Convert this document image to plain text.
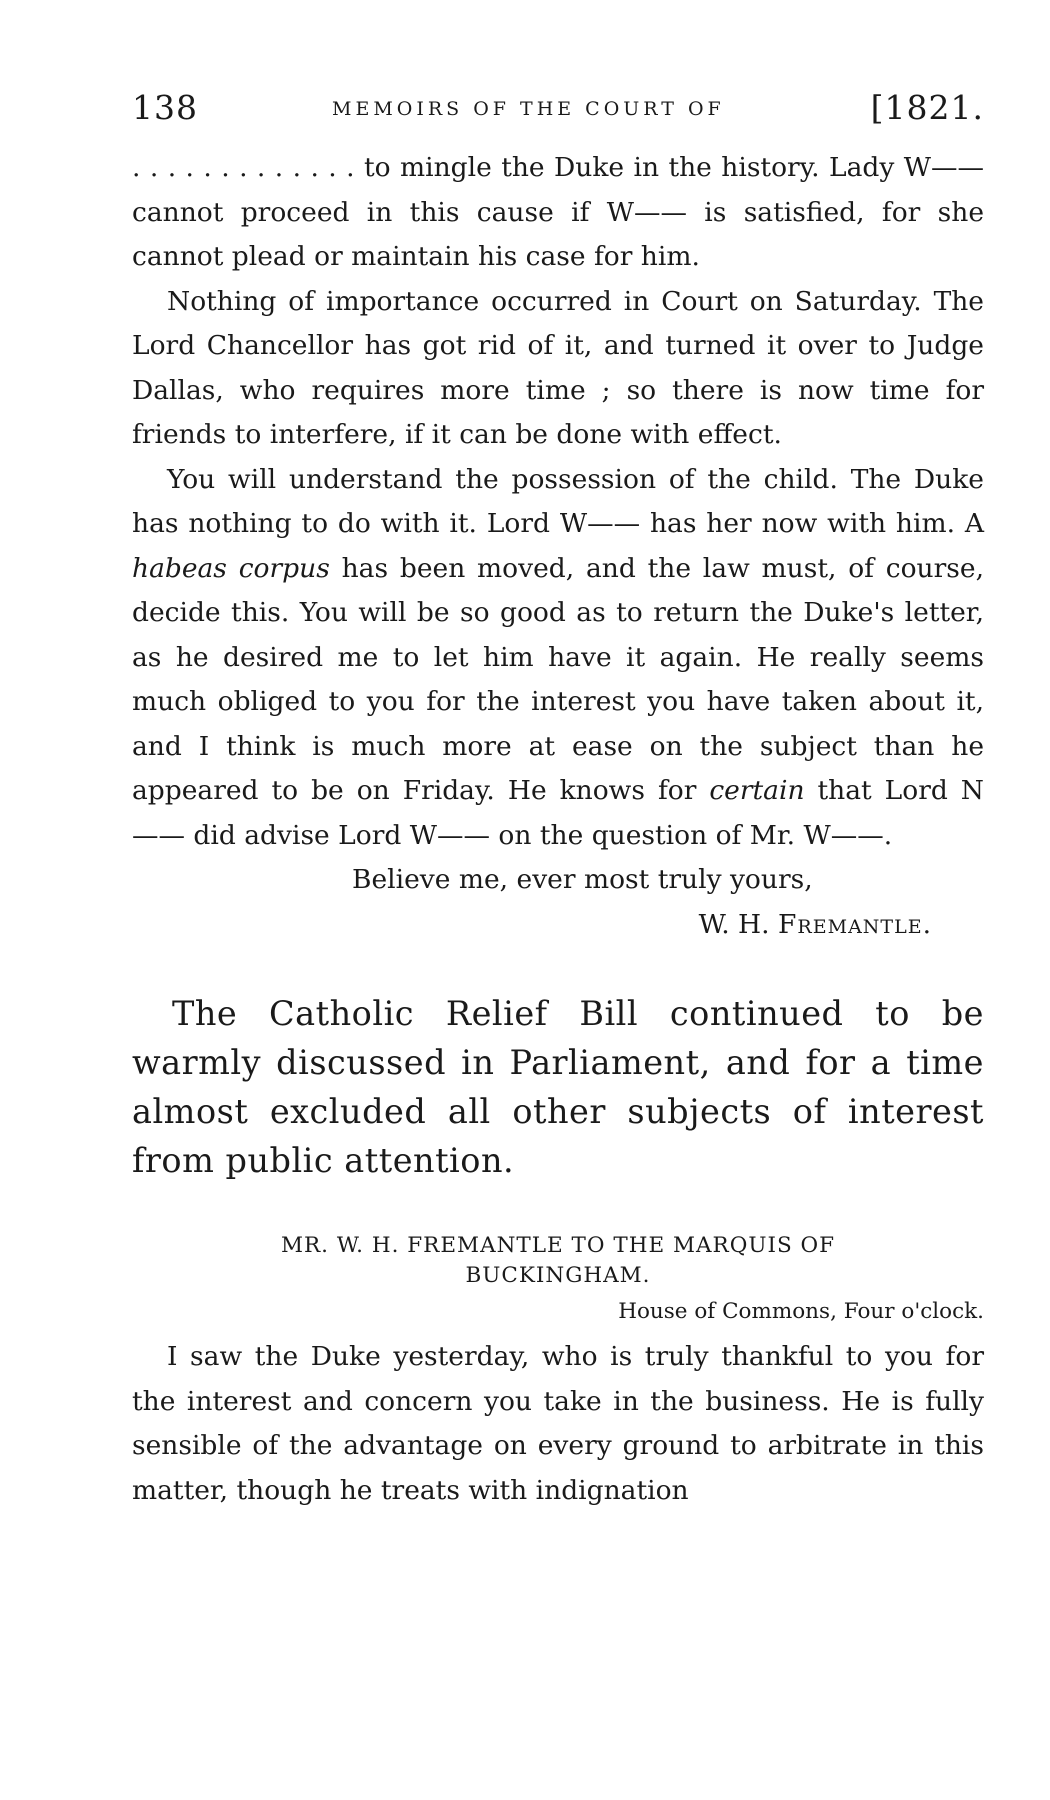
138	MEMOIRS OF THE COURT OF	[1821.

. . . . . . . . . . . . . to mingle the Duke in the history. Lady W—— cannot proceed in this cause if W—— is satisfied, for she cannot plead or maintain his case for him.

Nothing of importance occurred in Court on Saturday. The Lord Chancellor has got rid of it, and turned it over to Judge Dallas, who requires more time ; so there is now time for friends to interfere, if it can be done with effect.

You will understand the possession of the child. The Duke has nothing to do with it. Lord W—— has her now with him. A habeas corpus has been moved, and the law must, of course, decide this. You will be so good as to return the Duke's letter, as he desired me to let him have it again. He really seems much obliged to you for the interest you have taken about it, and I think is much more at ease on the subject than he appeared to be on Friday. He knows for certain that Lord N—— did advise Lord W—— on the question of Mr. W——.

Believe me, ever most truly yours,
W. H. Fremantle.

The Catholic Relief Bill continued to be warmly discussed in Parliament, and for a time almost excluded all other subjects of interest from public attention.

MR. W. H. FREMANTLE TO THE MARQUIS OF
BUCKINGHAM.
House of Commons, Four o'clock.

I saw the Duke yesterday, who is truly thankful to you for the interest and concern you take in the business. He is fully sensible of the advantage on every ground to arbitrate in this matter, though he treats with indignation
